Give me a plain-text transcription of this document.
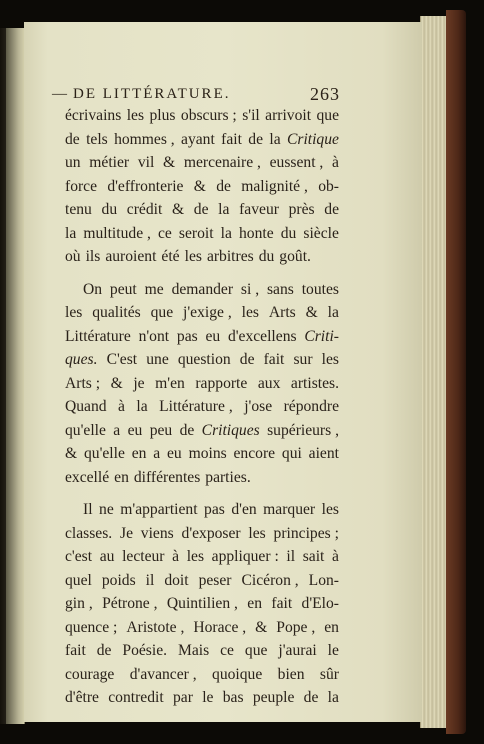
— DE LITTÉRATURE.	263
écrivains les plus obscurs ; s'il arrivoit que
de tels hommes , ayant fait de la Critique
un métier vil & mercenaire , eussent , à
force d'effronterie & de malignité , ob-
tenu du crédit & de la faveur près de
la multitude , ce seroit la honte du siècle
où ils auroient été les arbitres du goût.
On peut me demander si , sans toutes
les qualités que j'exige , les Arts & la
Littérature n'ont pas eu d'excellens Criti-
ques. C'est une question de fait sur les
Arts ; & je m'en rapporte aux artistes.
Quand à la Littérature , j'ose répondre
qu'elle a eu peu de Critiques supérieurs ,
& qu'elle en a eu moins encore qui aient
excellé en différentes parties.
Il ne m'appartient pas d'en marquer les
classes. Je viens d'exposer les principes ;
c'est au lecteur à les appliquer : il sait à
quel poids il doit peser Cicéron , Lon-
gin , Pétrone , Quintilien , en fait d'Elo-
quence ; Aristote , Horace , & Pope , en
fait de Poésie. Mais ce que j'aurai le
courage d'avancer , quoique bien sûr
d'être contredit par le bas peuple de la
